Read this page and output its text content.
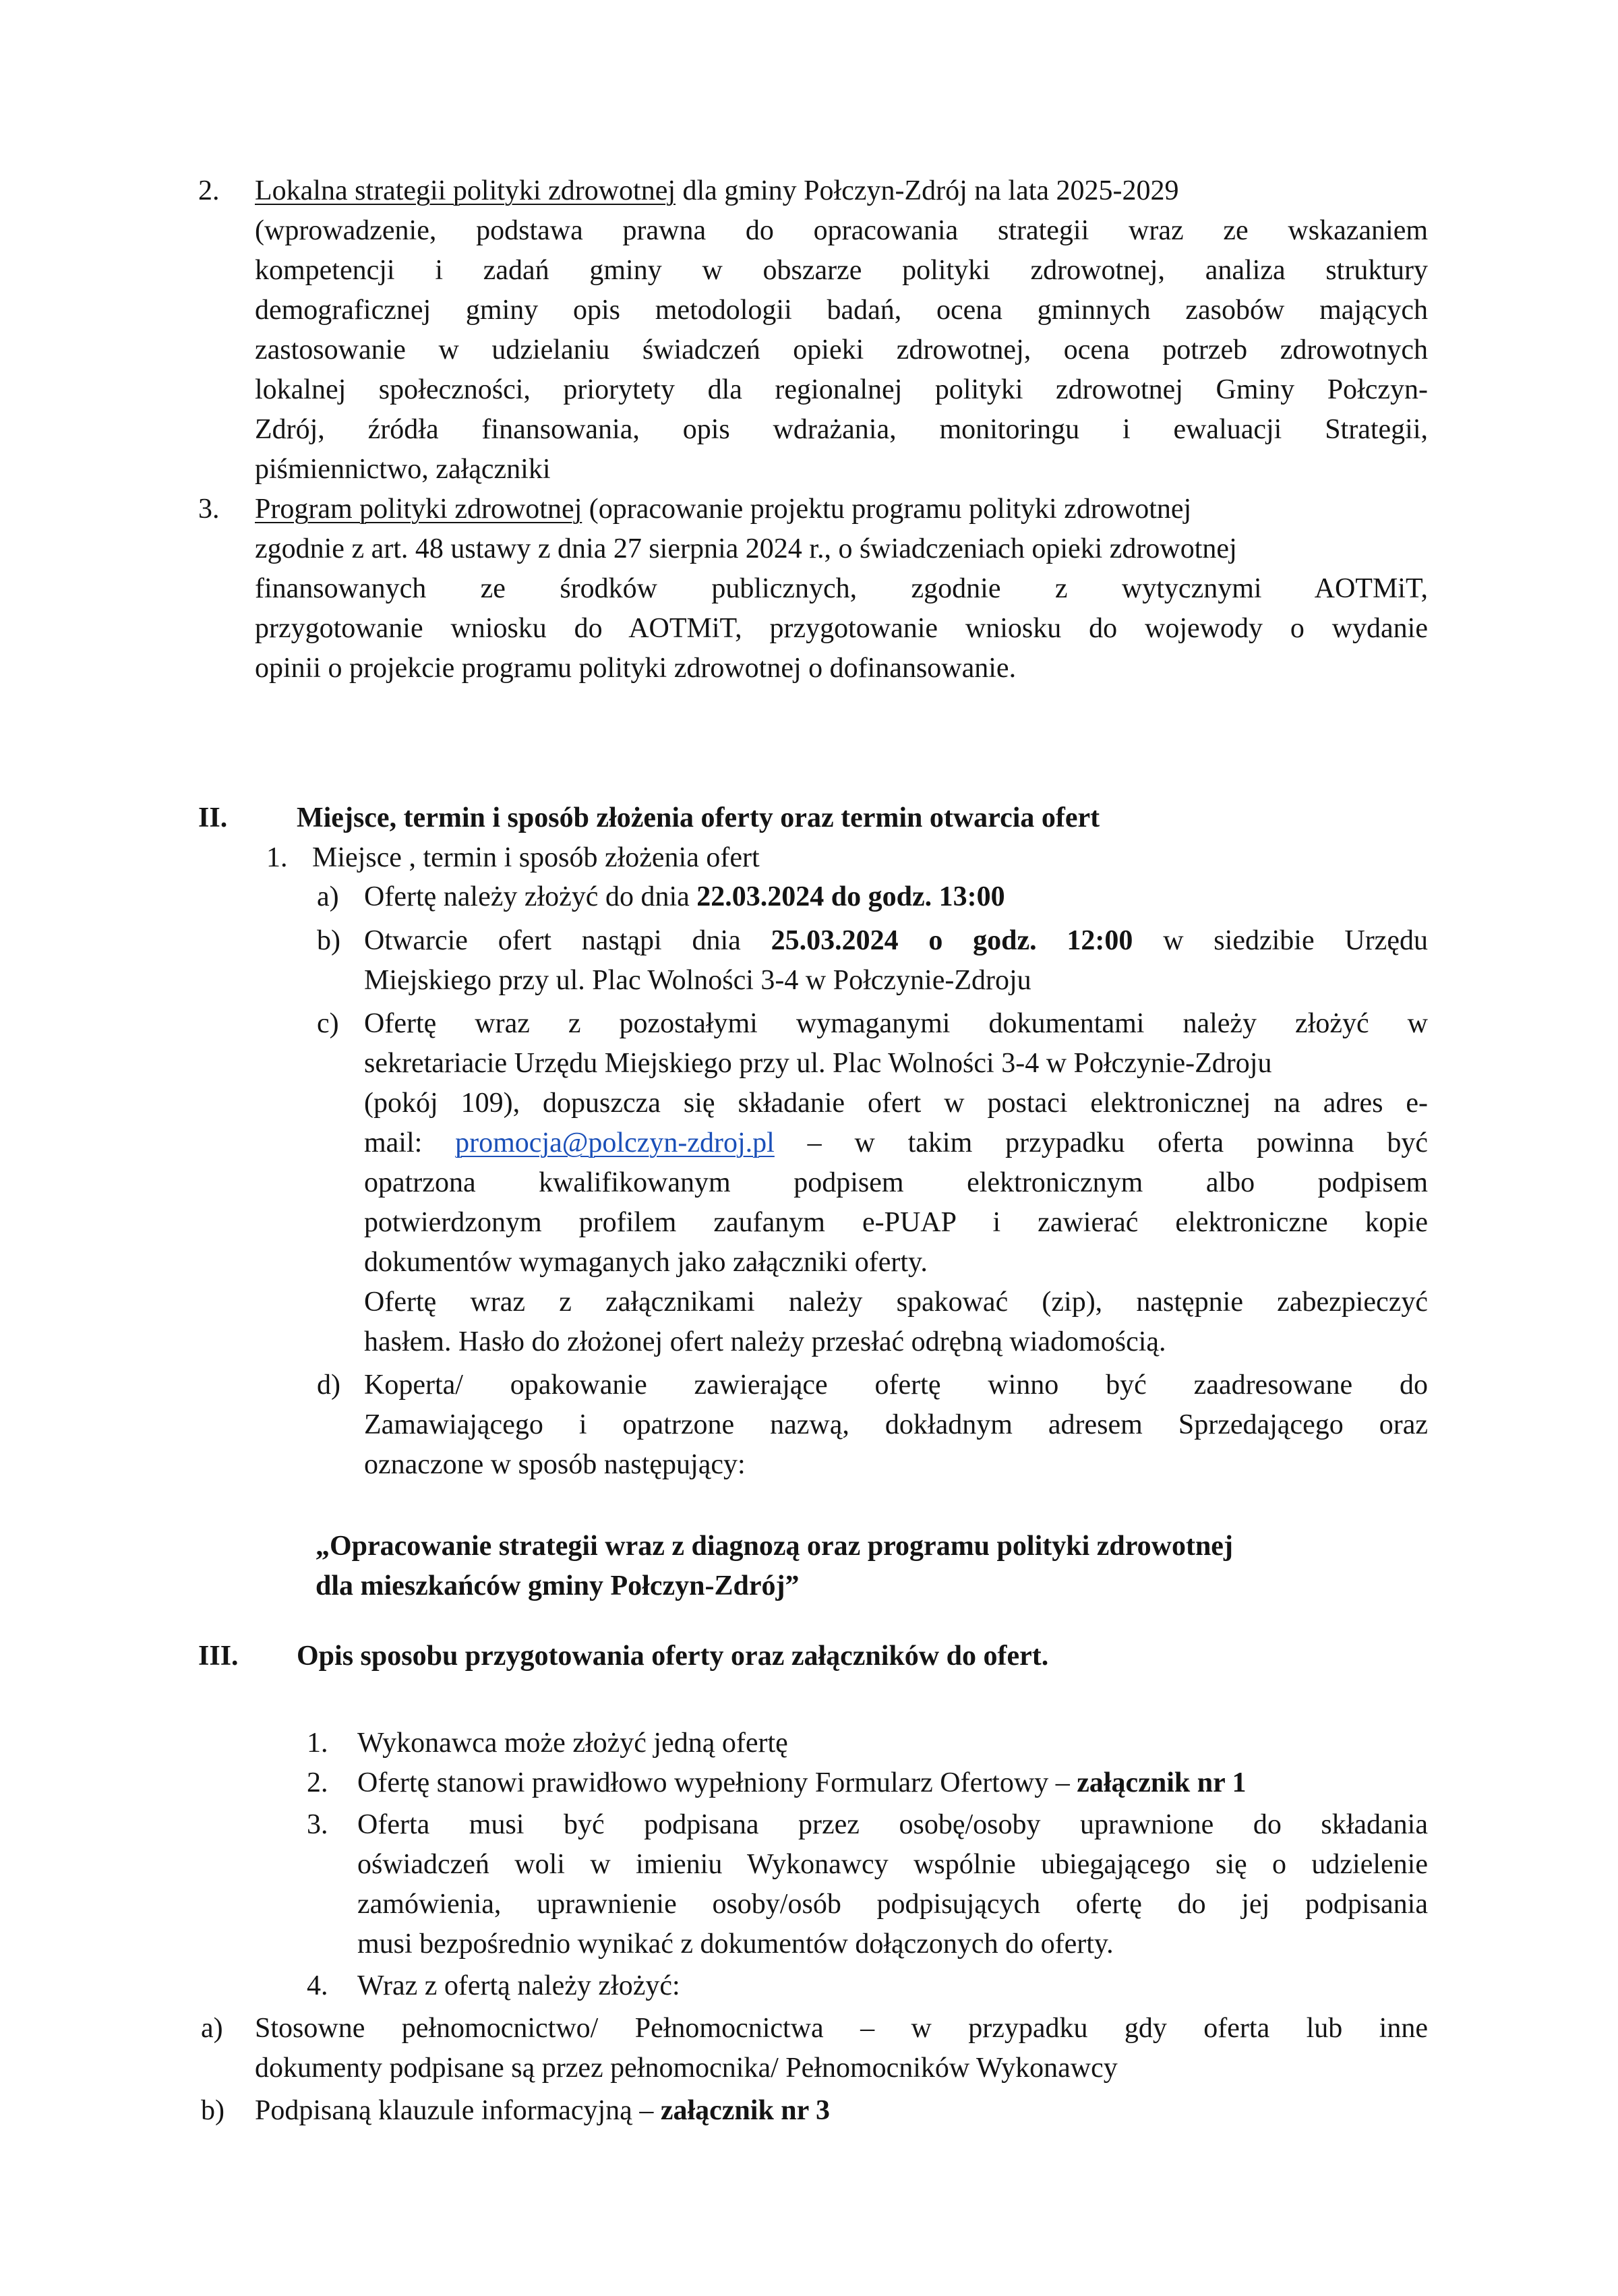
2. Lokalna strategii polityki zdrowotnej dla gminy Połczyn-Zdrój na lata 2025-2029
(wprowadzenie, podstawa prawna do opracowania strategii wraz ze wskazaniem
kompetencji i zadań gminy w obszarze polityki zdrowotnej, analiza struktury
demograficznej gminy opis metodologii badań, ocena gminnych zasobów mających
zastosowanie w udzielaniu świadczeń opieki zdrowotnej, ocena potrzeb zdrowotnych
lokalnej społeczności, priorytety dla regionalnej polityki zdrowotnej Gminy Połczyn-
Zdrój, źródła finansowania, opis wdrażania, monitoringu i ewaluacji Strategii,
piśmiennictwo, załączniki
3. Program polityki zdrowotnej (opracowanie projektu programu polityki zdrowotnej
zgodnie z art. 48 ustawy z dnia 27 sierpnia 2024 r., o świadczeniach opieki zdrowotnej
finansowanych ze środków publicznych, zgodnie z wytycznymi AOTMiT,
przygotowanie wniosku do AOTMiT, przygotowanie wniosku do wojewody o wydanie
opinii o projekcie programu polityki zdrowotnej o dofinansowanie.
II. Miejsce, termin i sposób złożenia oferty oraz termin otwarcia ofert
1. Miejsce , termin i sposób złożenia ofert
a) Ofertę należy złożyć do dnia 22.03.2024 do godz. 13:00
b) Otwarcie ofert nastąpi dnia 25.03.2024 o godz. 12:00 w siedzibie Urzędu
Miejskiego przy ul. Plac Wolności 3-4 w Połczynie-Zdroju
c) Ofertę wraz z pozostałymi wymaganymi dokumentami należy złożyć w
sekretariacie Urzędu Miejskiego przy ul. Plac Wolności 3-4 w Połczynie-Zdroju
(pokój 109), dopuszcza się składanie ofert w postaci elektronicznej na adres e-
mail: promocja@polczyn-zdroj.pl – w takim przypadku oferta powinna być
opatrzona kwalifikowanym podpisem elektronicznym albo podpisem
potwierdzonym profilem zaufanym e-PUAP i zawierać elektroniczne kopie
dokumentów wymaganych jako załączniki oferty.
Ofertę wraz z załącznikami należy spakować (zip), następnie zabezpieczyć
hasłem. Hasło do złożonej ofert należy przesłać odrębną wiadomością.
d) Koperta/ opakowanie zawierające ofertę winno być zaadresowane do
Zamawiającego i opatrzone nazwą, dokładnym adresem Sprzedającego oraz
oznaczone w sposób następujący:
„Opracowanie strategii wraz z diagnozą oraz programu polityki zdrowotnej
dla mieszkańców gminy Połczyn-Zdrój”
III. Opis sposobu przygotowania oferty oraz załączników do ofert.
1. Wykonawca może złożyć jedną ofertę
2. Ofertę stanowi prawidłowo wypełniony Formularz Ofertowy – załącznik nr 1
3. Oferta musi być podpisana przez osobę/osoby uprawnione do składania
oświadczeń woli w imieniu Wykonawcy wspólnie ubiegającego się o udzielenie
zamówienia, uprawnienie osoby/osób podpisujących ofertę do jej podpisania
musi bezpośrednio wynikać z dokumentów dołączonych do oferty.
4. Wraz z ofertą należy złożyć:
a) Stosowne pełnomocnictwo/ Pełnomocnictwa – w przypadku gdy oferta lub inne
dokumenty podpisane są przez pełnomocnika/ Pełnomocników Wykonawcy
b) Podpisaną klauzule informacyjną – załącznik nr 3
